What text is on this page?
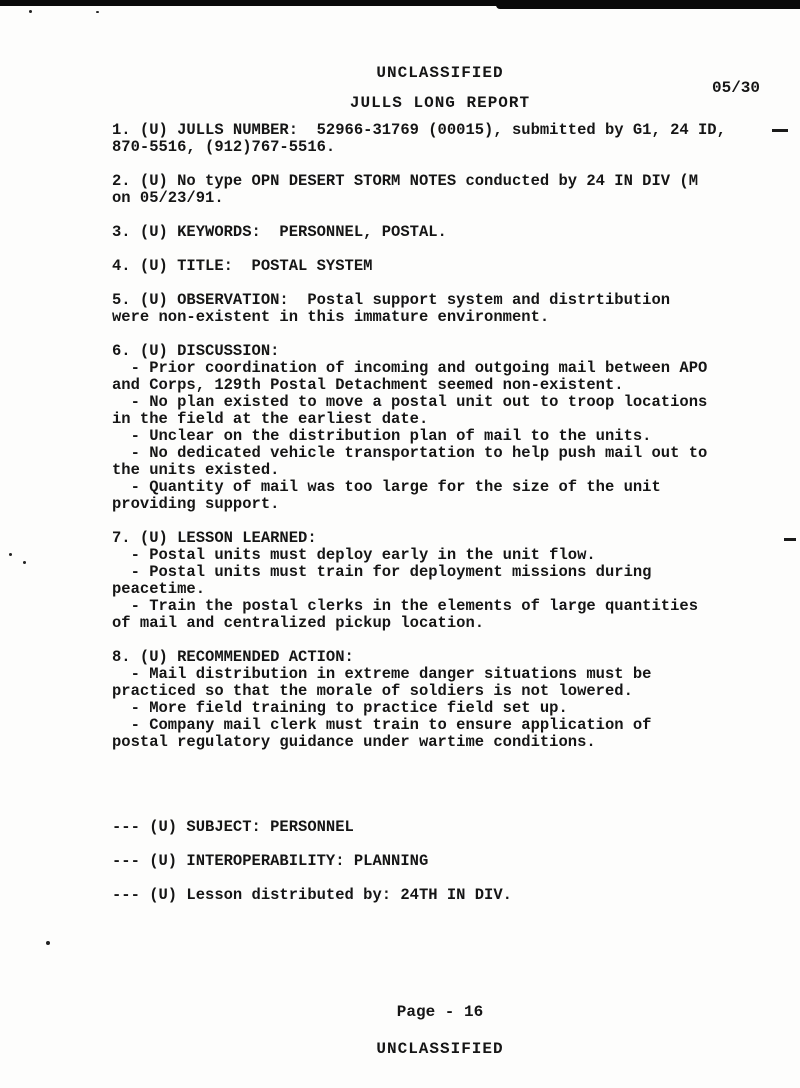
UNCLASSIFIED
JULLS LONG REPORT
1. (U) JULLS NUMBER:  52966-31769 (00015), submitted by G1, 24 ID,
870-5516, (912)767-5516.

2. (U) No type OPN DESERT STORM NOTES conducted by 24 IN DIV (M
on 05/23/91.

3. (U) KEYWORDS:  PERSONNEL, POSTAL.

4. (U) TITLE:  POSTAL SYSTEM

5. (U) OBSERVATION:  Postal support system and distrtibution
were non-existent in this immature environment.

6. (U) DISCUSSION:
- Prior coordination of incoming and outgoing mail between APO
and Corps, 129th Postal Detachment seemed non-existent.
- No plan existed to move a postal unit out to troop locations
in the field at the earliest date.
- Unclear on the distribution plan of mail to the units.
- No dedicated vehicle transportation to help push mail out to
the units existed.
- Quantity of mail was too large for the size of the unit
providing support.

7. (U) LESSON LEARNED:
- Postal units must deploy early in the unit flow.
- Postal units must train for deployment missions during
peacetime.
- Train the postal clerks in the elements of large quantities
of mail and centralized pickup location.

8. (U) RECOMMENDED ACTION:
- Mail distribution in extreme danger situations must be
practiced so that the morale of soldiers is not lowered.
- More field training to practice field set up.
- Company mail clerk must train to ensure application of
postal regulatory guidance under wartime conditions.

--- (U) SUBJECT: PERSONNEL

--- (U) INTEROPERABILITY: PLANNING

--- (U) Lesson distributed by: 24TH IN DIV.
Page - 16
UNCLASSIFIED
05/30
